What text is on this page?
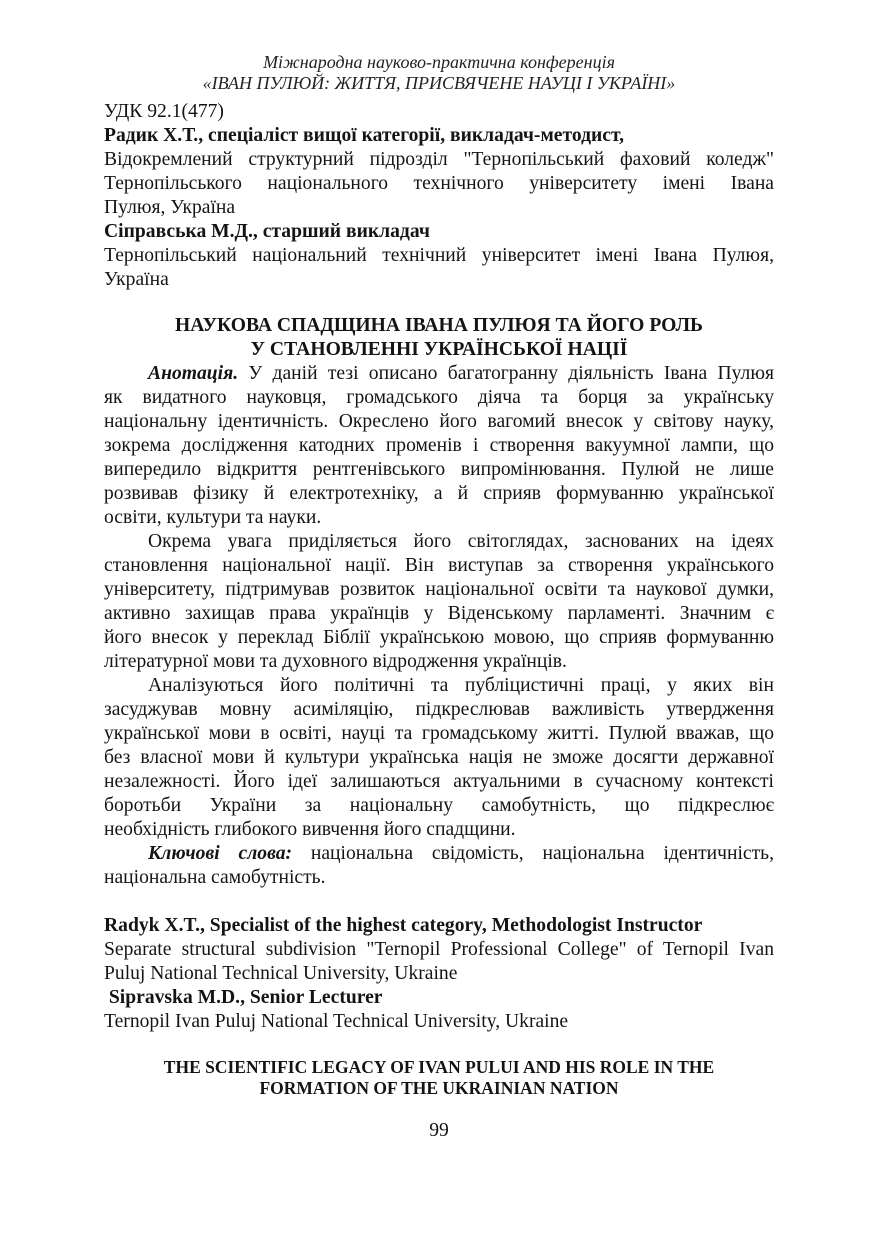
Міжнародна науково-практична конференція
«ІВАН ПУЛЮЙ: ЖИТТЯ, ПРИСВЯЧЕНЕ НАУЦІ І УКРАЇНІ»
УДК 92.1(477)
Радик Х.Т., спеціаліст вищої категорії, викладач-методист,
Відокремлений структурний підрозділ "Тернопільський фаховий коледж"
Тернопільського національного технічного університету імені Івана
Пулюя, Україна
Сіправська М.Д., старший викладач
Тернопільський національний технічний університет імені Івана Пулюя,
Україна
НАУКОВА СПАДЩИНА ІВАНА ПУЛЮЯ ТА ЙОГО РОЛЬ
У СТАНОВЛЕННІ УКРАЇНСЬКОЇ НАЦІЇ
Анотація. У даній тезі описано багатогранну діяльність Івана Пулюя
як видатного науковця, громадського діяча та борця за українську
національну ідентичність. Окреслено його вагомий внесок у світову науку,
зокрема дослідження катодних променів і створення вакуумної лампи, що
випередило відкриття рентгенівського випромінювання. Пулюй не лише
розвивав фізику й електротехніку, а й сприяв формуванню української
освіти, культури та науки.
Окрема увага приділяється його світоглядах, заснованих на ідеях
становлення національної нації. Він виступав за створення українського
університету, підтримував розвиток національної освіти та наукової думки,
активно захищав права українців у Віденському парламенті. Значним є
його внесок у переклад Біблії українською мовою, що сприяв формуванню
літературної мови та духовного відродження українців.
Аналізуються його політичні та публіцистичні праці, у яких він
засуджував мовну асиміляцію, підкреслював важливість утвердження
української мови в освіті, науці та громадському житті. Пулюй вважав, що
без власної мови й культури українська нація не зможе досягти державної
незалежності. Його ідеї залишаються актуальними в сучасному контексті
боротьби України за національну самобутність, що підкреслює
необхідність глибокого вивчення його спадщини.
Ключові слова: національна свідомість, національна ідентичність,
національна самобутність.
Radyk X.T., Specialist of the highest category, Methodologist Instructor
Separate structural subdivision "Ternopil Professional College" of Ternopil Ivan
Puluj National Technical University, Ukraine
Sipravska M.D., Senior Lecturer
Ternopil Ivan Puluj National Technical University, Ukraine
THE SCIENTIFIC LEGACY OF IVAN PULUI AND HIS ROLE IN THE
FORMATION OF THE UKRAINIAN NATION
99
